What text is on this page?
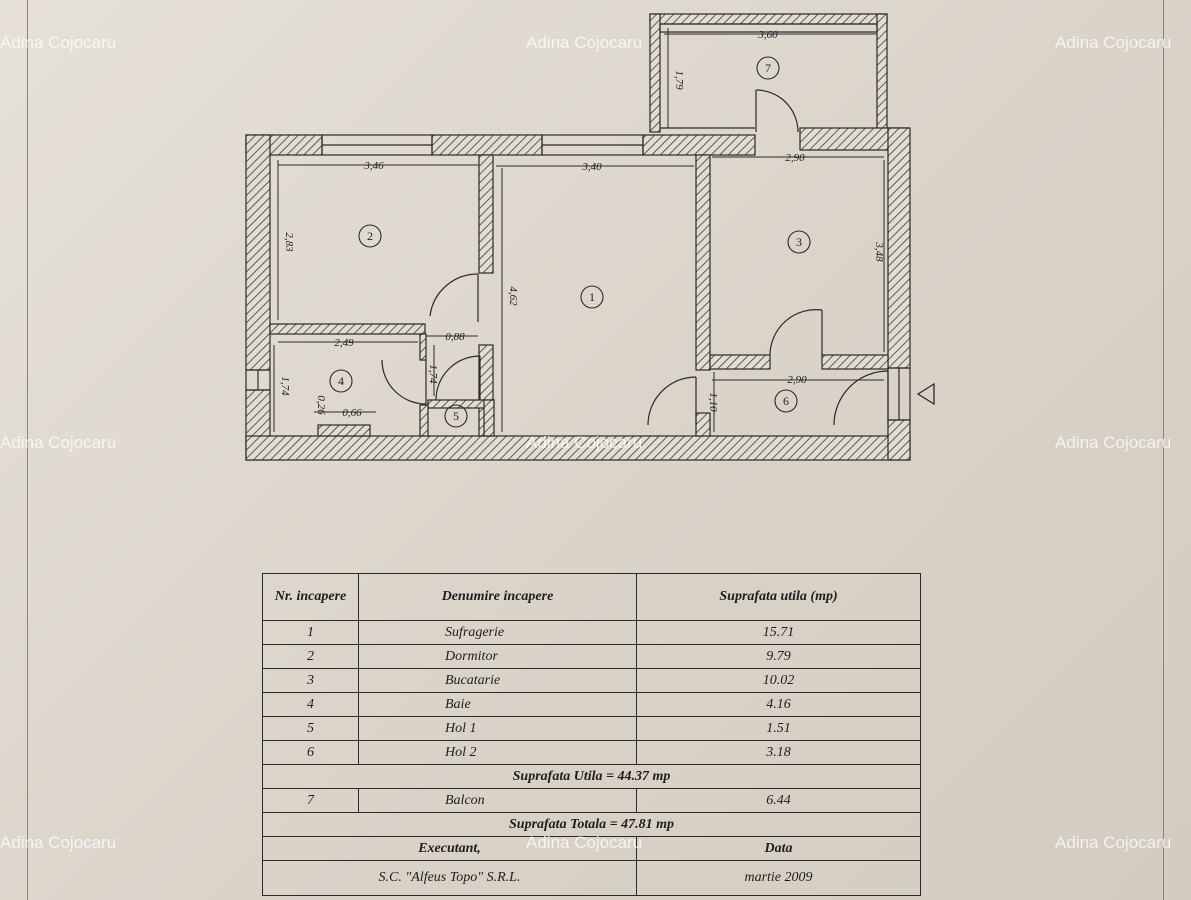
3,60
1,79
3,46
2,83
3,40
4,62
2,90
3,48
2,49
1,74
0,88
1,74	2,90
1,10
0,26 0,66
1
2	3
4
5
6
7
Nr. incapere	Denumire incapere	Suprafata utila (mp)
1	Sufragerie	15.71
2	Dormitor	9.79
3	Bucatarie	10.02
4	Baie	4.16
5	Hol 1	1.51
6	Hol 2	3.18
Suprafata Utila = 44.37 mp		
7	Balcon	6.44
Suprafata Totala = 47.81 mp		
Executant,		Data
S.C. "Alfeus Topo" S.R.L.		martie 2009
Adina Cojocaru	Adina Cojocaru	Adina Cojocaru
Adina Cojocaru	Adina Cojocaru	Adina Cojocaru
Adina Cojocaru	Adina Cojocaru	Adina Cojocaru
